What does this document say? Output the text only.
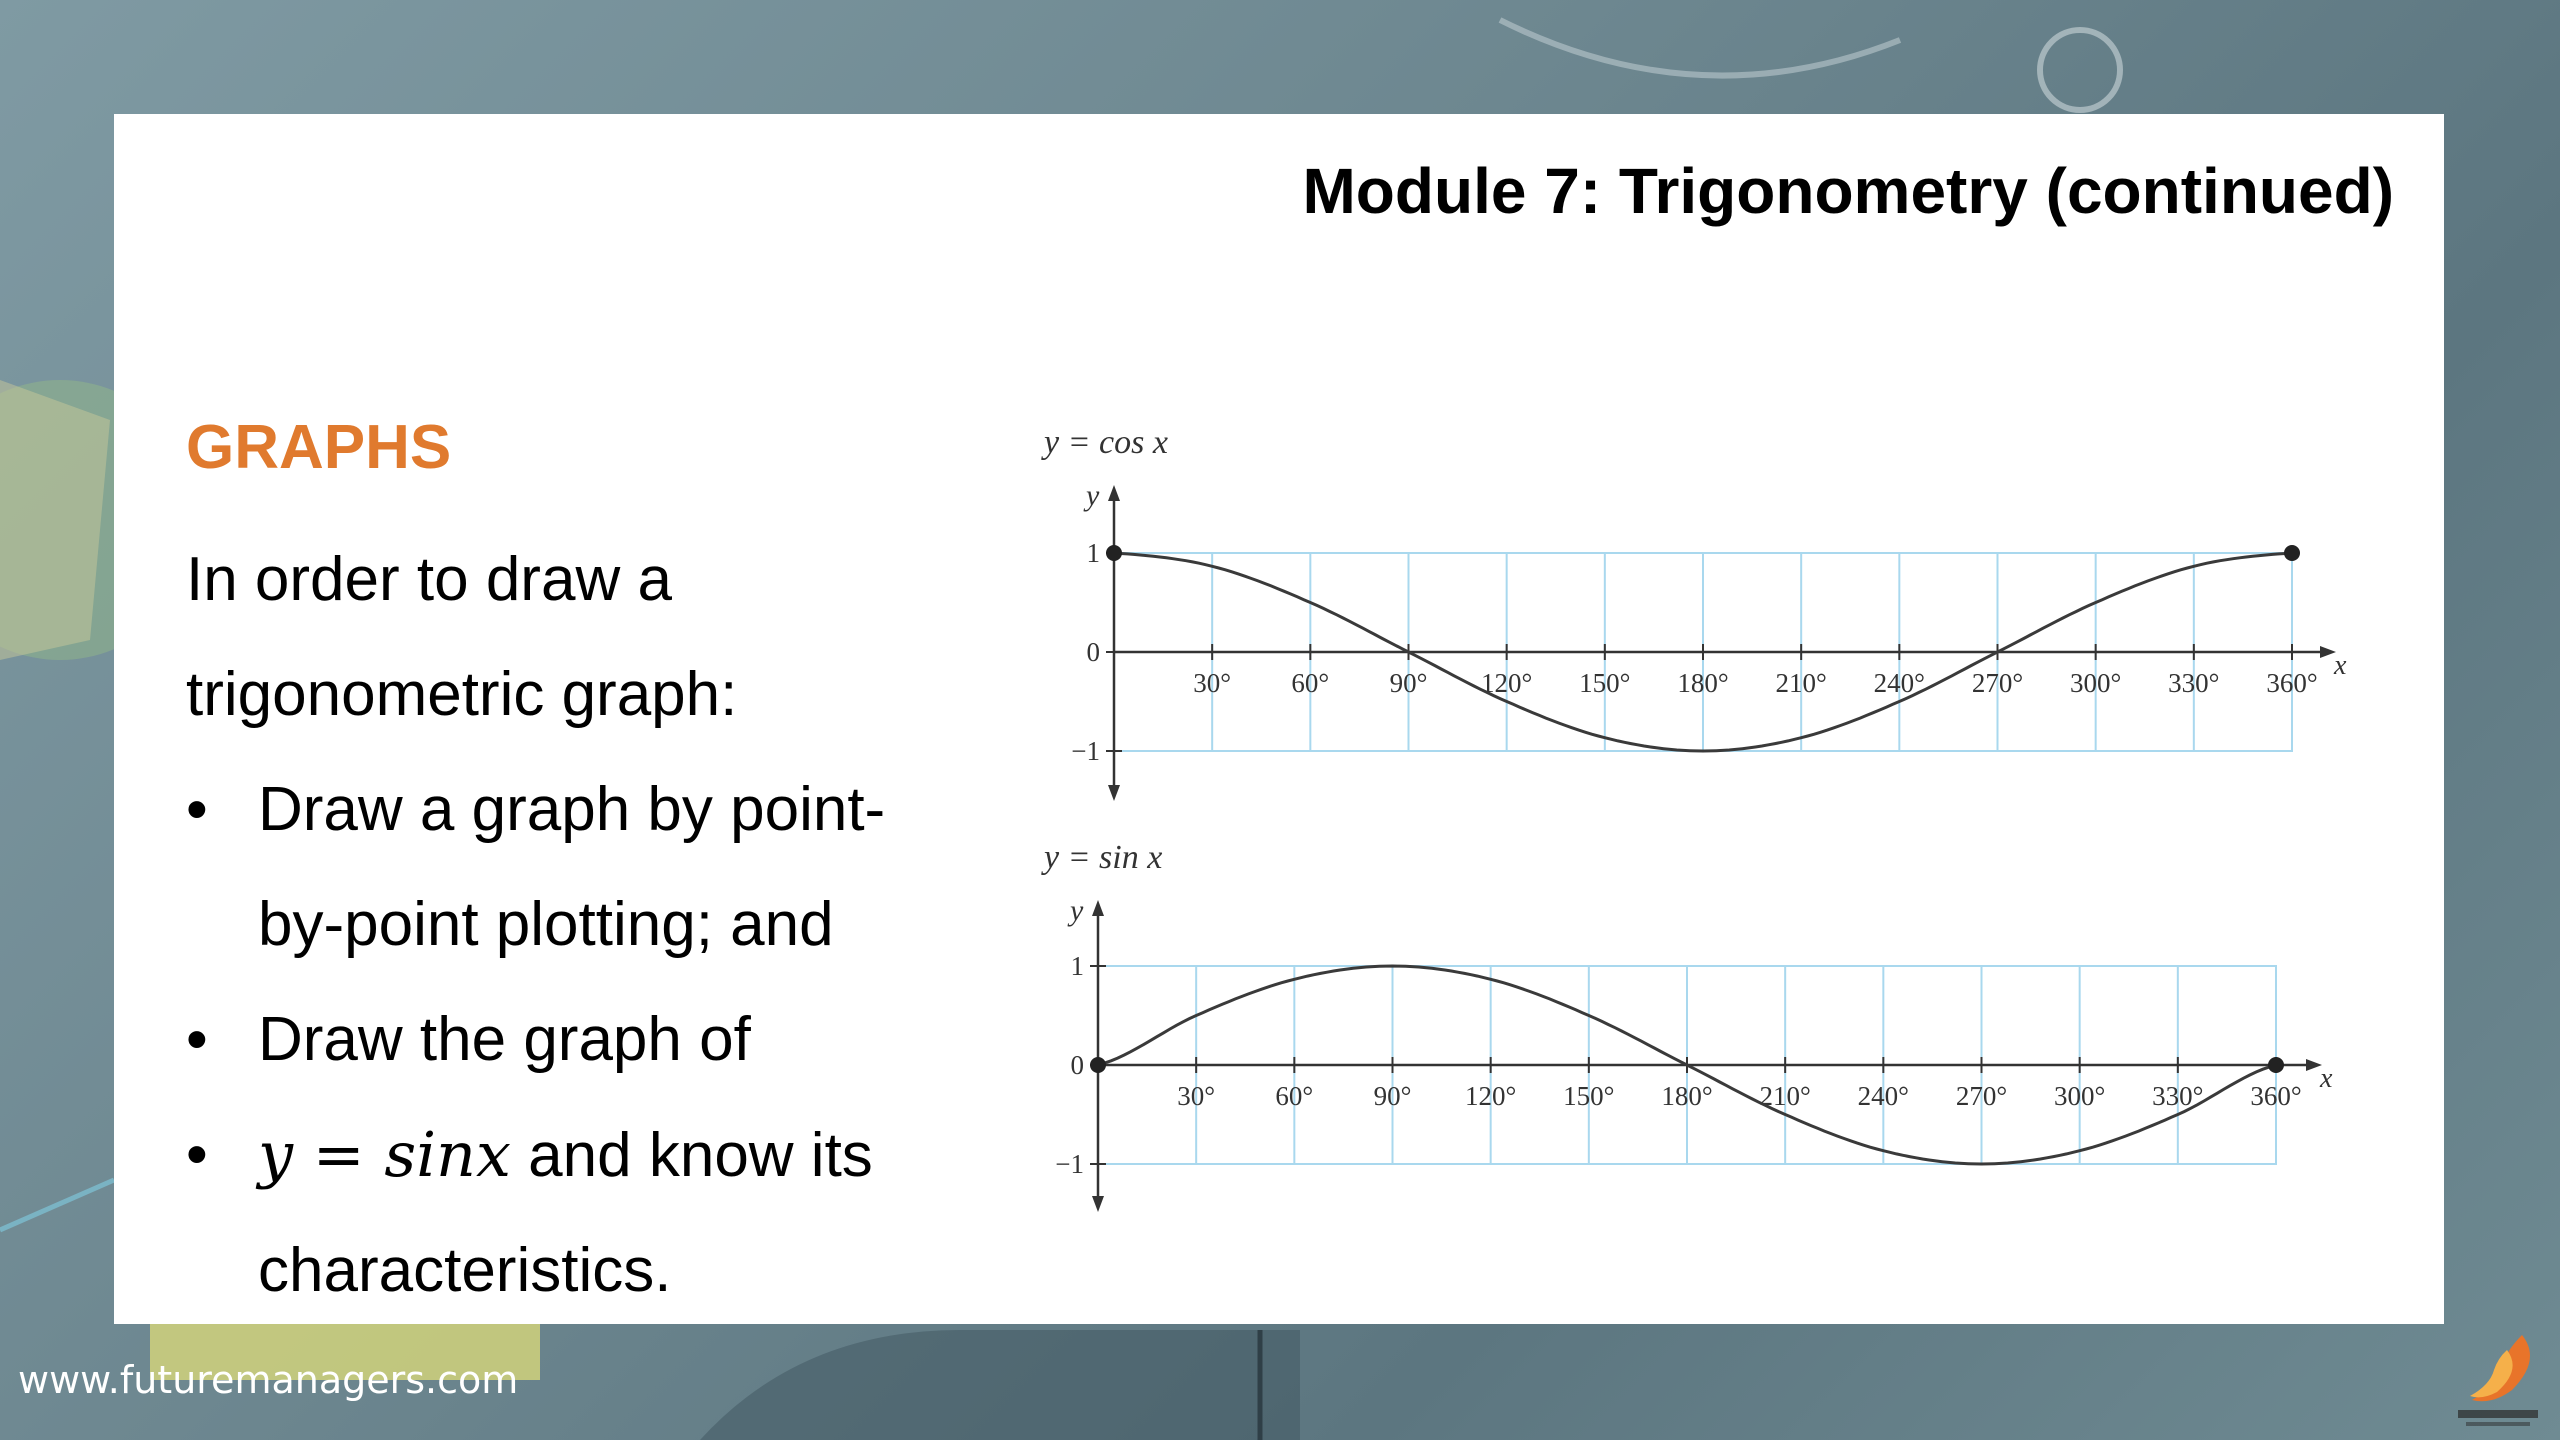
Module 7: Trigonometry (continued)
GRAPHS
In order to draw a
trigonometric graph:
• Draw a graph by point-
by-point plotting; and
• Draw the graph of
• y = sinx and know its
characteristics.
y = cos x
x
y
30° 60° 90° 120° 150° 180° 210° 240° 270° 300° 330° 360°
1
0
−1
y = sin x
x
y
30° 60° 90° 120° 150° 180° 210° 240° 270° 300° 330° 360°
1
0
−1

www.futuremanagers.com
